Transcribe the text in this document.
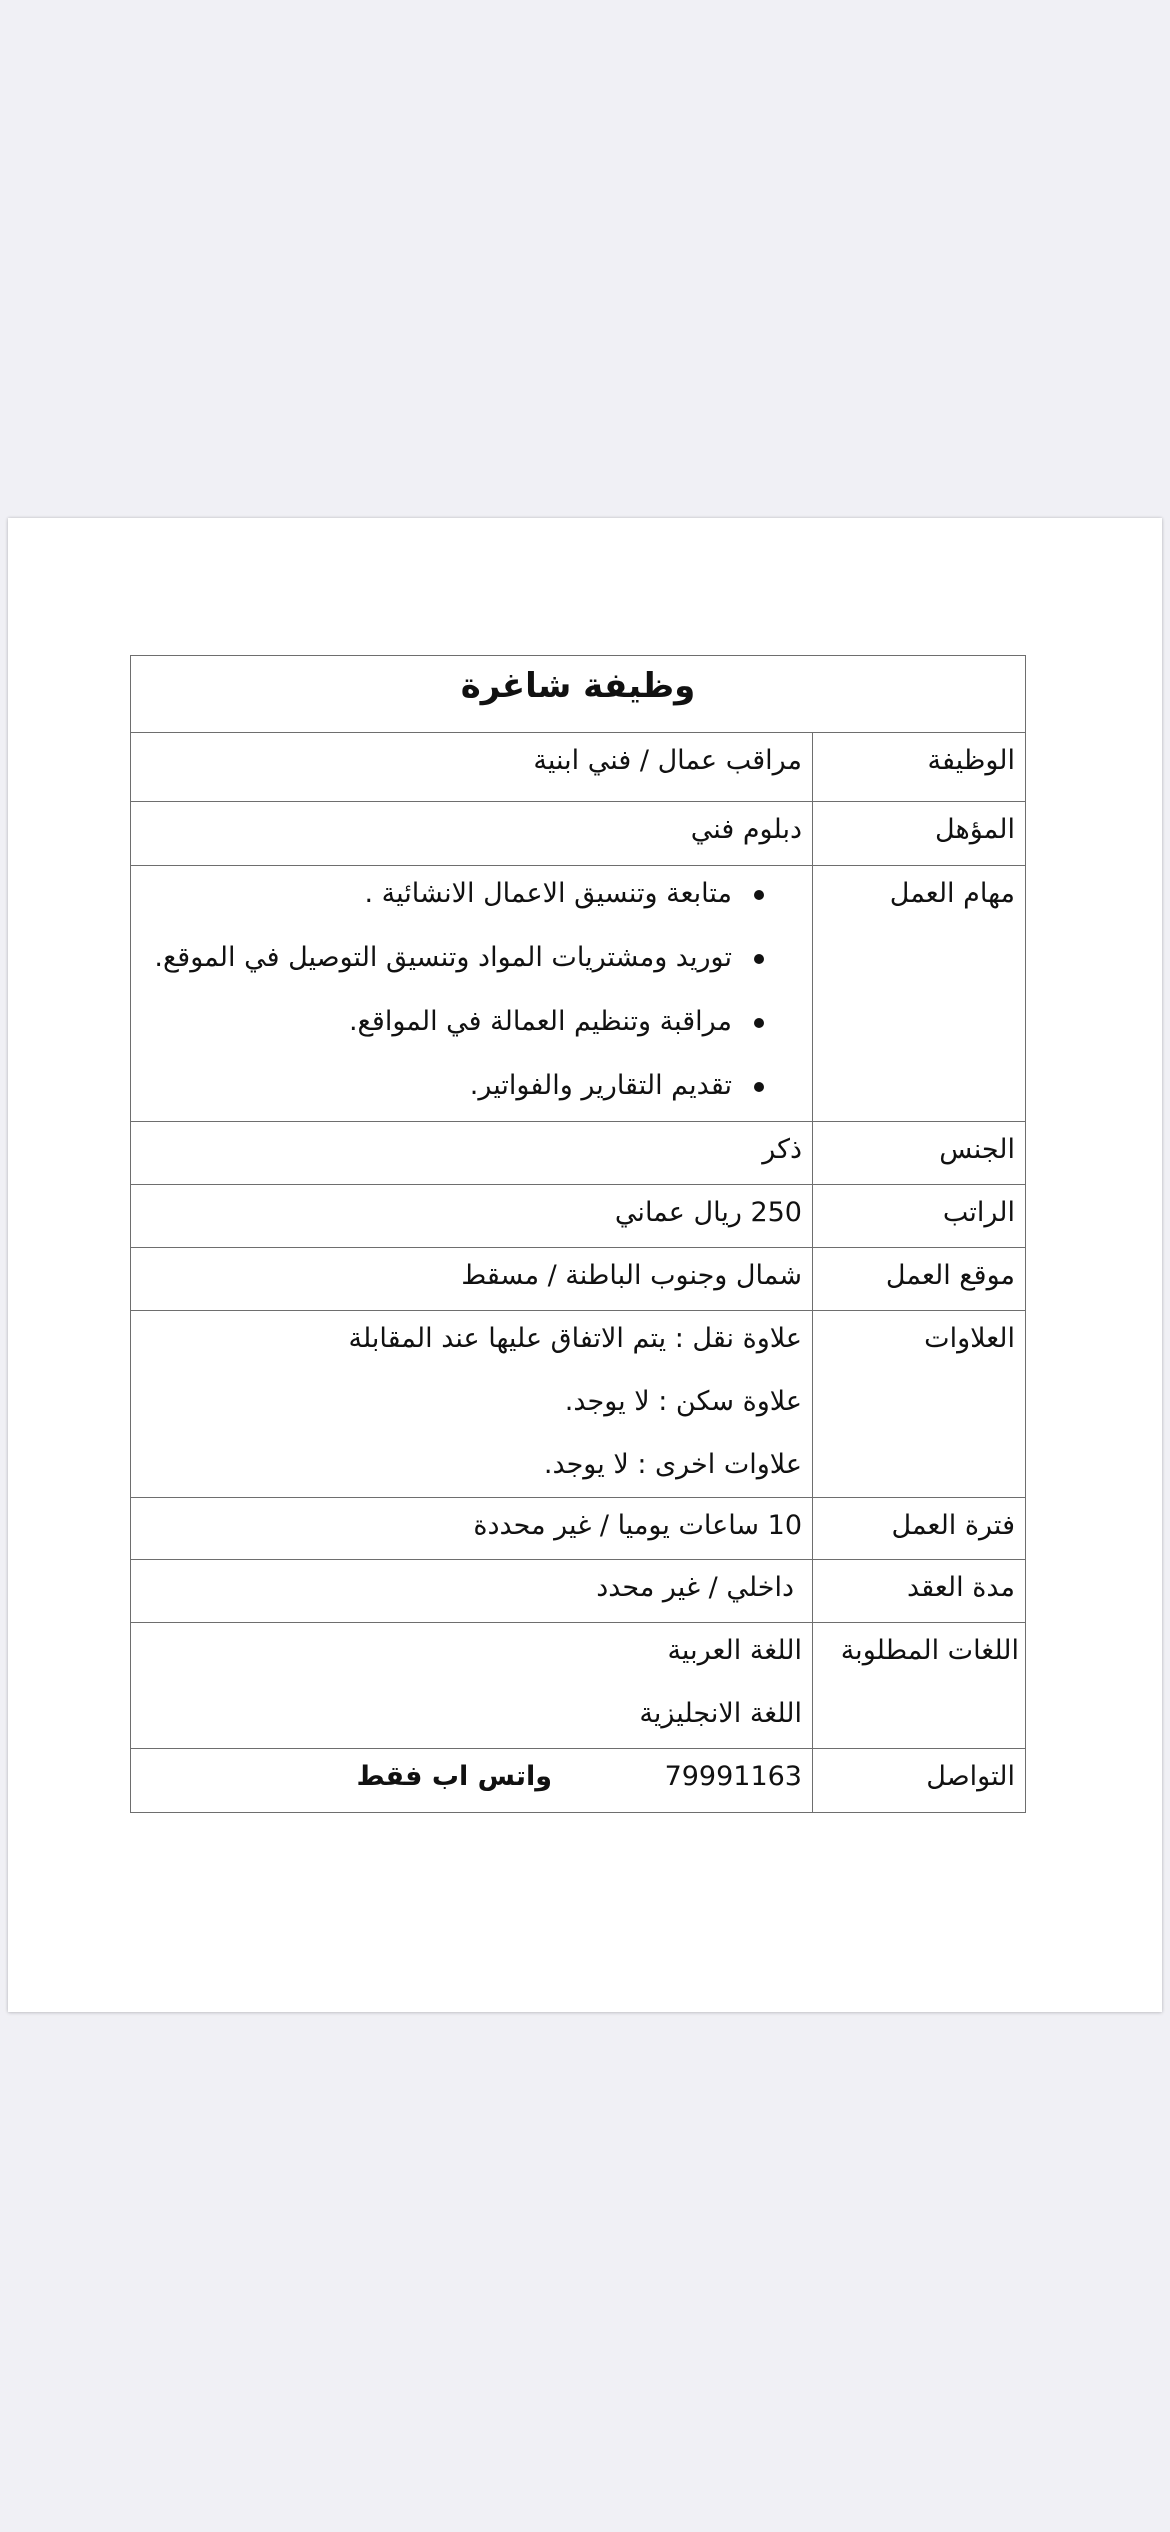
وظيفة شاغرة
الوظيفة
مراقب عمال / فني ابنية
المؤهل
دبلوم فني
مهام العمل
متابعة وتنسيق الاعمال الانشائية .
توريد ومشتريات المواد وتنسيق التوصيل في الموقع.
مراقبة وتنظيم العمالة في المواقع.
تقديم التقارير والفواتير.
الجنس
ذكر
الراتب
250 ريال عماني
موقع العمل
شمال وجنوب الباطنة / مسقط
العلاوات
علاوة نقل : يتم الاتفاق عليها عند المقابلة
علاوة سكن : لا يوجد.
علاوات اخرى : لا يوجد.
فترة العمل
10 ساعات يوميا / غير محددة
مدة العقد
داخلي / غير محدد
اللغات المطلوبة
اللغة العربية
اللغة الانجليزية
التواصل
79991163
واتس اب فقط
